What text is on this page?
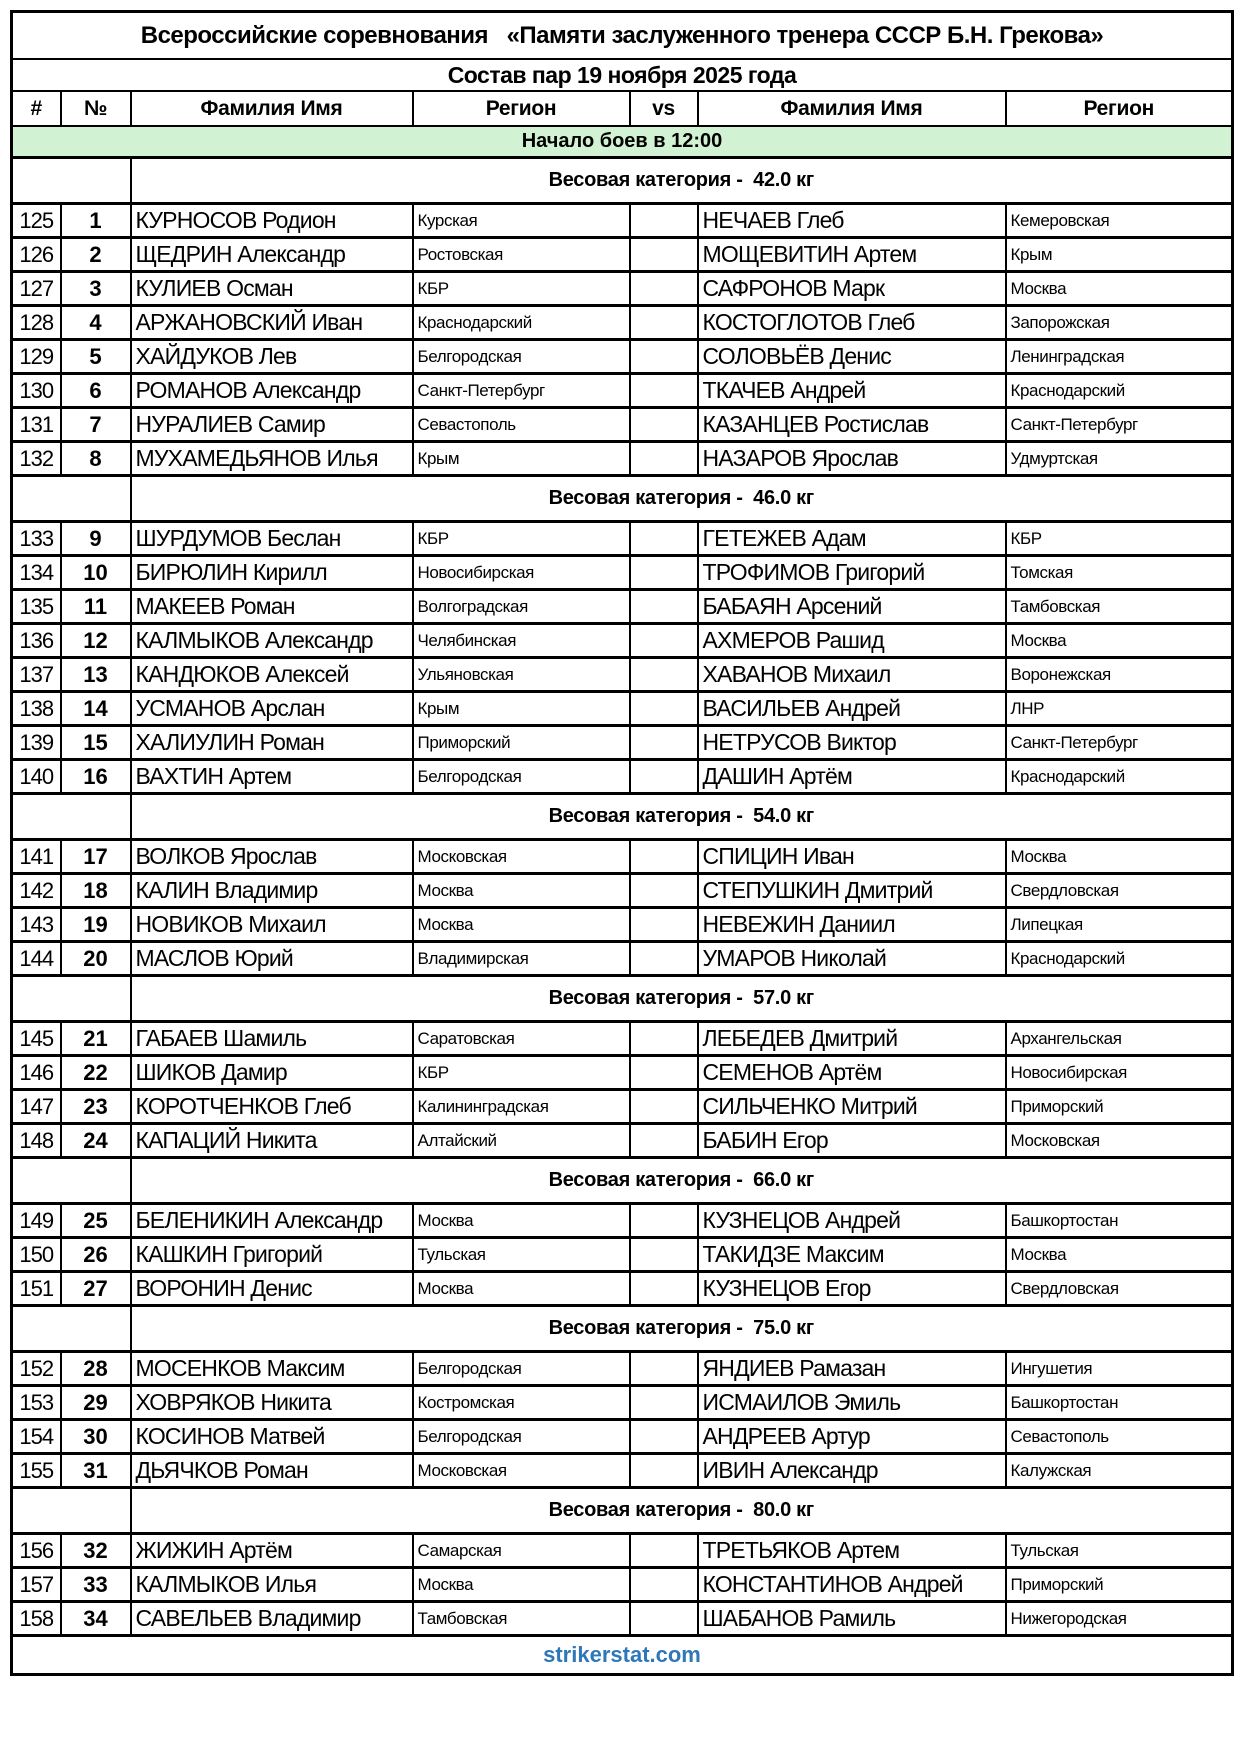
Всероссийские соревнования   «Памяти заслуженного тренера СССР Б.Н. Грекова»						
Состав пар 19 ноября 2025 года						
#	№	Фамилия Имя	Регион	vs	Фамилия Имя	Регион
Начало боев в 12:00						
		Весовая категория -  42.0 кг				
125	1	КУРНОСОВ Родион	Курская		НЕЧАЕВ Глеб	Кемеровская
126	2	ЩЕДРИН Александр	Ростовская		МОЩЕВИТИН Артем	Крым
127	3	КУЛИЕВ Осман	КБР		САФРОНОВ Марк	Москва
128	4	АРЖАНОВСКИЙ Иван	Краснодарский		КОСТОГЛОТОВ Глеб	Запорожская
129	5	ХАЙДУКОВ Лев	Белгородская		СОЛОВЬЁВ Денис	Ленинградская
130	6	РОМАНОВ Александр	Санкт-Петербург		ТКАЧЕВ Андрей	Краснодарский
131	7	НУРАЛИЕВ Самир	Севастополь		КАЗАНЦЕВ Ростислав	Санкт-Петербург
132	8	МУХАМЕДЬЯНОВ Илья	Крым		НАЗАРОВ Ярослав	Удмуртская
		Весовая категория -  46.0 кг				
133	9	ШУРДУМОВ Беслан	КБР		ГЕТЕЖЕВ Адам	КБР
134	10	БИРЮЛИН Кирилл	Новосибирская		ТРОФИМОВ Григорий	Томская
135	11	МАКЕЕВ Роман	Волгоградская		БАБАЯН Арсений	Тамбовская
136	12	КАЛМЫКОВ Александр	Челябинская		АХМЕРОВ Рашид	Москва
137	13	КАНДЮКОВ Алексей	Ульяновская		ХАВАНОВ Михаил	Воронежская
138	14	УСМАНОВ Арслан	Крым		ВАСИЛЬЕВ Андрей	ЛНР
139	15	ХАЛИУЛИН Роман	Приморский		НЕТРУСОВ Виктор	Санкт-Петербург
140	16	ВАХТИН Артем	Белгородская		ДАШИН Артём	Краснодарский
		Весовая категория -  54.0 кг				
141	17	ВОЛКОВ Ярослав	Московская		СПИЦИН Иван	Москва
142	18	КАЛИН Владимир	Москва		СТЕПУШКИН Дмитрий	Свердловская
143	19	НОВИКОВ Михаил	Москва		НЕВЕЖИН Даниил	Липецкая
144	20	МАСЛОВ Юрий	Владимирская		УМАРОВ Николай	Краснодарский
		Весовая категория -  57.0 кг				
145	21	ГАБАЕВ Шамиль	Саратовская		ЛЕБЕДЕВ Дмитрий	Архангельская
146	22	ШИКОВ Дамир	КБР		СЕМЕНОВ Артём	Новосибирская
147	23	КОРОТЧЕНКОВ Глеб	Калининградская		СИЛЬЧЕНКО Митрий	Приморский
148	24	КАПАЦИЙ Никита	Алтайский		БАБИН Егор	Московская
		Весовая категория -  66.0 кг				
149	25	БЕЛЕНИКИН Александр	Москва		КУЗНЕЦОВ Андрей	Башкортостан
150	26	КАШКИН Григорий	Тульская		ТАКИДЗЕ Максим	Москва
151	27	ВОРОНИН Денис	Москва		КУЗНЕЦОВ Егор	Свердловская
		Весовая категория -  75.0 кг				
152	28	МОСЕНКОВ Максим	Белгородская		ЯНДИЕВ Рамазан	Ингушетия
153	29	ХОВРЯКОВ Никита	Костромская		ИСМАИЛОВ Эмиль	Башкортостан
154	30	КОСИНОВ Матвей	Белгородская		АНДРЕЕВ Артур	Севастополь
155	31	ДЬЯЧКОВ Роман	Московская		ИВИН Александр	Калужская
		Весовая категория -  80.0 кг				
156	32	ЖИЖИН Артём	Самарская		ТРЕТЬЯКОВ Артем	Тульская
157	33	КАЛМЫКОВ Илья	Москва		КОНСТАНТИНОВ Андрей	Приморский
158	34	САВЕЛЬЕВ Владимир	Тамбовская		ШАБАНОВ Рамиль	Нижегородская
strikerstat.com						
